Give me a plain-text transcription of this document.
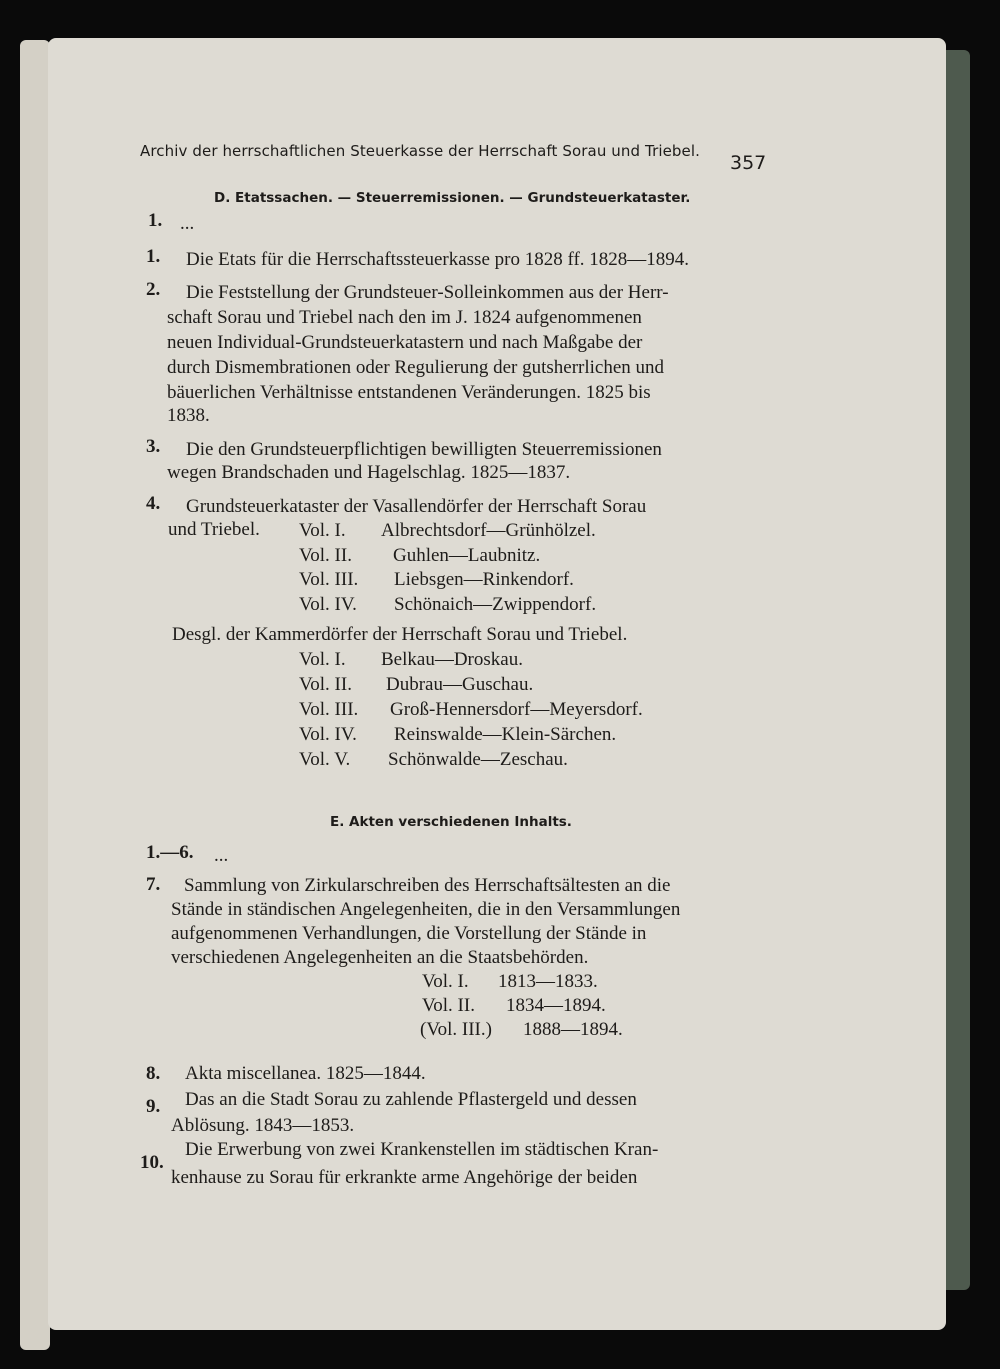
Archiv der herrschaftlichen Steuerkasse der Herrschaft Sorau und Triebel.
357
D. Etatssachen. — Steuerremissionen. — Grundsteuerkataster.
1. ...
1. Die Etats für die Herrschaftssteuerkasse pro 1828 ff. 1828—1894.
2. Die Feststellung der Grundsteuer-Solleinkommen aus der Herr-
schaft Sorau und Triebel nach den im J. 1824 aufgenommenen
neuen Individual-Grundsteuerkatastern und nach Maßgabe der
durch Dismembrationen oder Regulierung der gutsherrlichen und
bäuerlichen Verhältnisse entstandenen Veränderungen. 1825 bis
1838.
3. Die den Grundsteuerpflichtigen bewilligten Steuerremissionen
wegen Brandschaden und Hagelschlag. 1825—1837.
4. Grundsteuerkataster der Vasallendörfer der Herrschaft Sorau
und Triebel. Vol. I. Albrechtsdorf—Grünhölzel.
Vol. II. Guhlen—Laubnitz.
Vol. III. Liebsgen—Rinkendorf.
Vol. IV. Schönaich—Zwippendorf.
Desgl. der Kammerdörfer der Herrschaft Sorau und Triebel.
Vol. I. Belkau—Droskau.
Vol. II. Dubrau—Guschau.
Vol. III. Groß-Hennersdorf—Meyersdorf.
Vol. IV. Reinswalde—Klein-Särchen.
Vol. V. Schönwalde—Zeschau.
E. Akten verschiedenen Inhalts.
1.—6. ...
7. Sammlung von Zirkularschreiben des Herrschaftsältesten an die
Stände in ständischen Angelegenheiten, die in den Versammlungen
aufgenommenen Verhandlungen, die Vorstellung der Stände in
verschiedenen Angelegenheiten an die Staatsbehörden.
Vol. I. 1813—1833.
Vol. II. 1834—1894.
(Vol. III.) 1888—1894.
8. Akta miscellanea. 1825—1844.
9. Das an die Stadt Sorau zu zahlende Pflastergeld und dessen
Ablösung. 1843—1853.
10.
Die Erwerbung von zwei Krankenstellen im städtischen Kran-
kenhause zu Sorau für erkrankte arme Angehörige der beiden
